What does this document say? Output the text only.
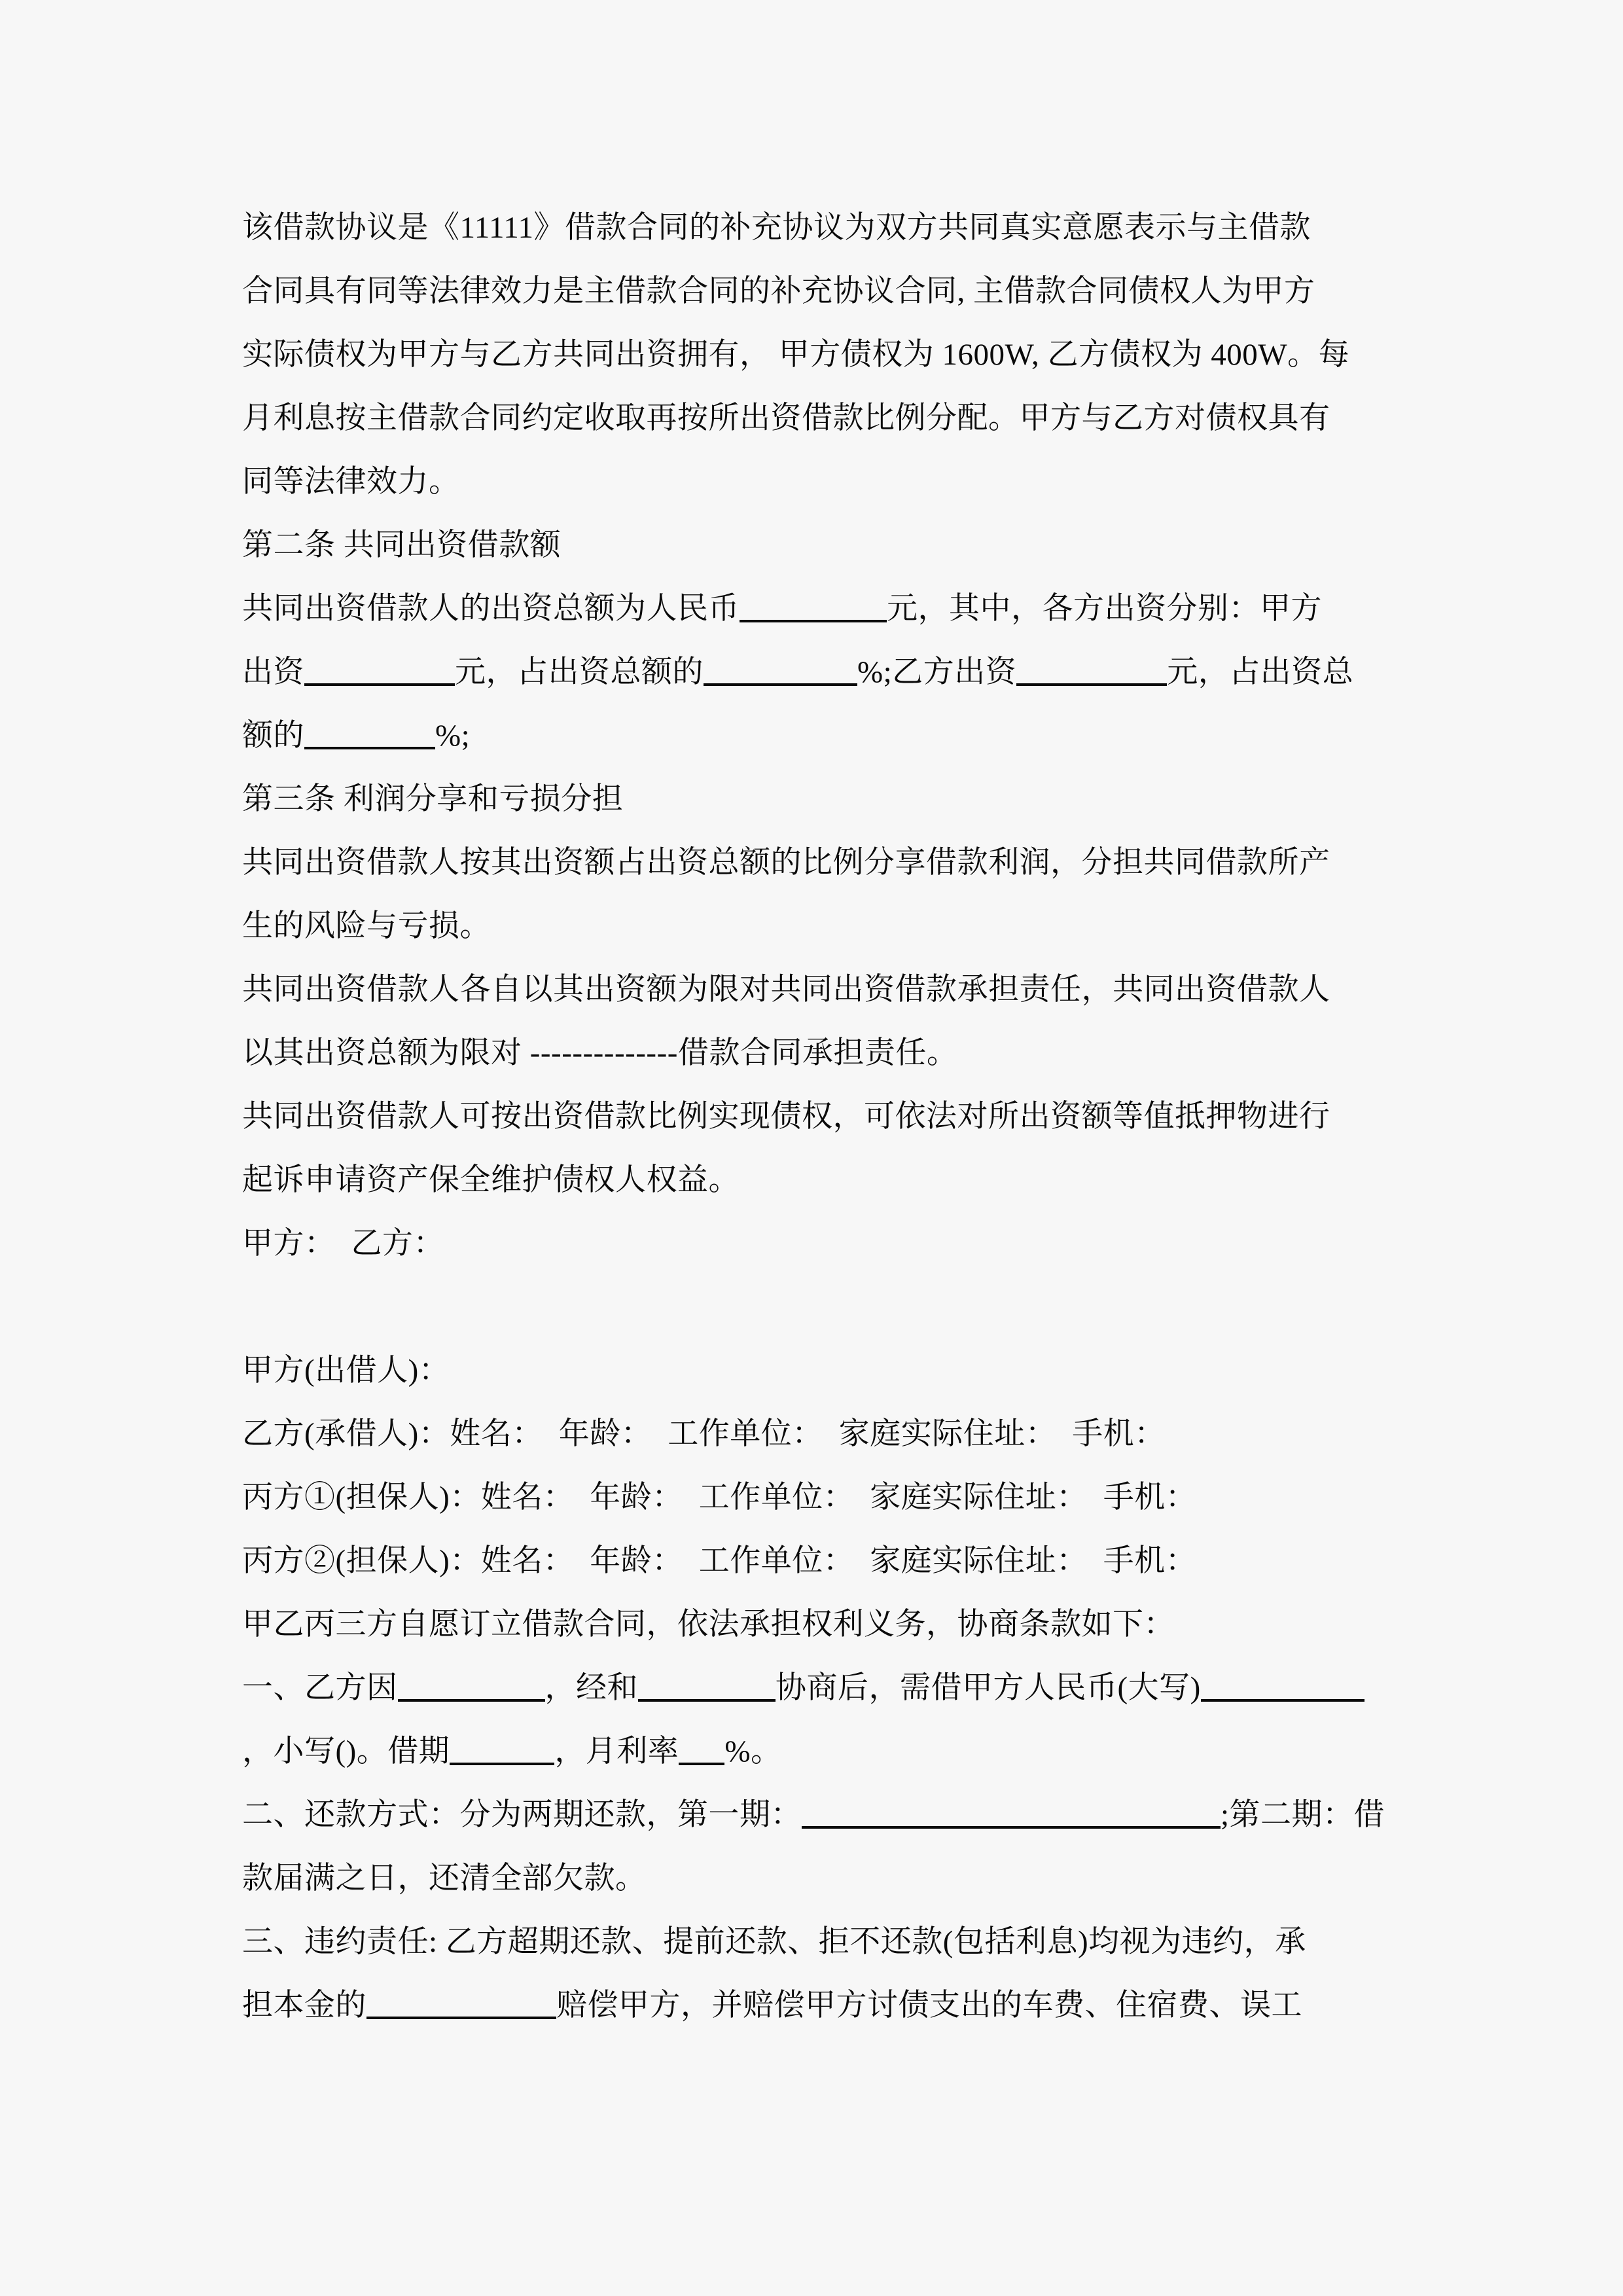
该借款协议是《11111》借款合同的补充协议为双方共同真实意愿表示与主借款
合同具有同等法律效力是主借款合同的补充协议合同, 主借款合同债权人为甲方
实际债权为甲方与乙方共同出资拥有， 甲方债权为 1600W, 乙方债权为 400W。每
月利息按主借款合同约定收取再按所出资借款比例分配。甲方与乙方对债权具有
同等法律效力。
第二条 共同出资借款额
共同出资借款人的出资总额为人民币	元，其中，各方出资分别：甲方
出资	元，占出资总额的	%;乙方出资	元，占出资总
额的	%;
第三条 利润分享和亏损分担
共同出资借款人按其出资额占出资总额的比例分享借款利润，分担共同借款所产
生的风险与亏损。
共同出资借款人各自以其出资额为限对共同出资借款承担责任，共同出资借款人
以其出资总额为限对 --------------借款合同承担责任。
共同出资借款人可按出资借款比例实现债权，可依法对所出资额等值抵押物进行
起诉申请资产保全维护债权人权益。
甲方：　乙方：
甲方(出借人)：
乙方(承借人)：姓名：　年龄：　工作单位：　家庭实际住址：　手机：
丙方①(担保人)：姓名：　年龄：　工作单位：　家庭实际住址：　手机：
丙方②(担保人)：姓名：　年龄：　工作单位：　家庭实际住址：　手机：
甲乙丙三方自愿订立借款合同，依法承担权利义务，协商条款如下：
一、乙方因	，经和	协商后，需借甲方人民币(大写)
，小写()。借期	，月利率 %。
二、还款方式：分为两期还款，第一期：	;第二期：借
款届满之日，还清全部欠款。
三、违约责任: 乙方超期还款、提前还款、拒不还款(包括利息)均视为违约，承
担本金的	赔偿甲方，并赔偿甲方讨债支出的车费、住宿费、误工
